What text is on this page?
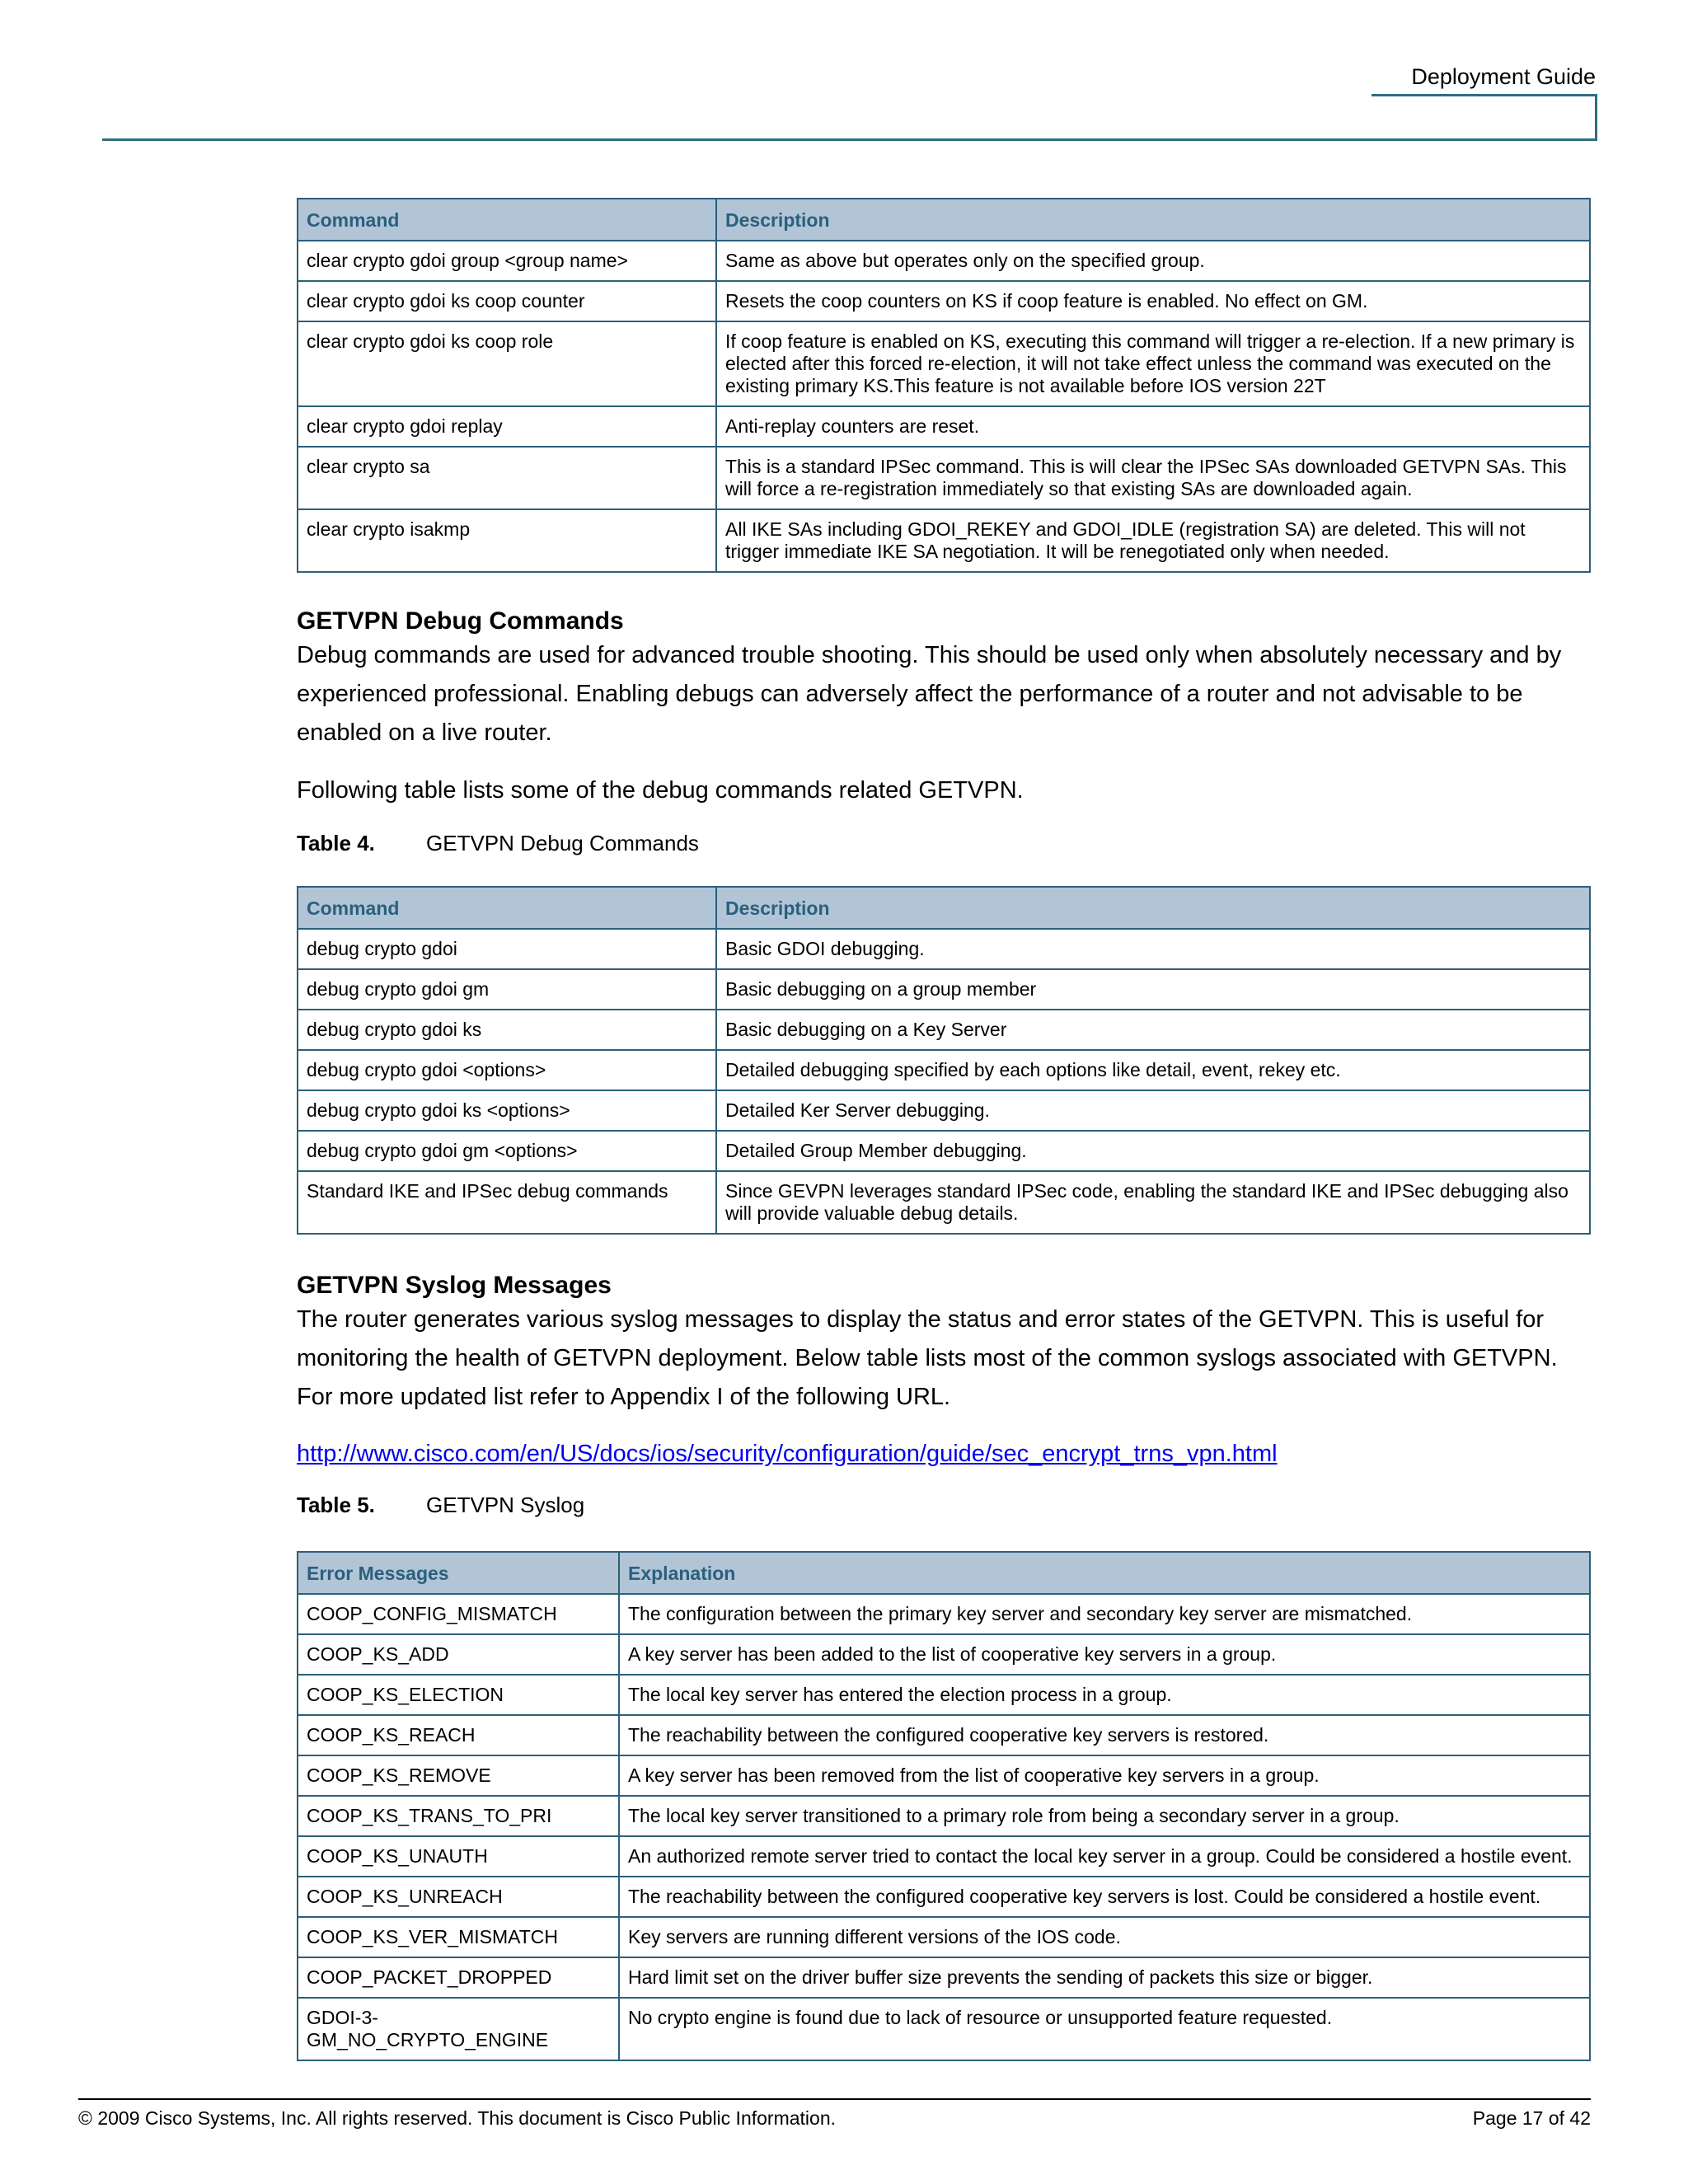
Deployment Guide
Command	Description
clear crypto gdoi group <group name>	Same as above but operates only on the specified group.
clear crypto gdoi ks coop counter	Resets the coop counters on KS if coop feature is enabled. No effect on GM.
clear crypto gdoi ks coop role	If coop feature is enabled on KS, executing this command will trigger a re-election. If a new primary is elected after this forced re-election, it will not take effect unless the command was executed on the existing primary KS.This feature is not available before IOS version 22T
clear crypto gdoi replay	Anti-replay counters are reset.
clear crypto sa	This is a standard IPSec command. This is will clear the IPSec SAs downloaded GETVPN SAs. This will force a re-registration immediately so that existing SAs are downloaded again.
clear crypto isakmp	All IKE SAs including GDOI_REKEY and GDOI_IDLE (registration SA) are deleted. This will not trigger immediate IKE SA negotiation. It will be renegotiated only when needed.
GETVPN Debug Commands

Debug commands are used for advanced trouble shooting. This should be used only when absolutely necessary and by experienced professional. Enabling debugs can adversely affect the performance of a router and not advisable to be enabled on a live router.

Following table lists some of the debug commands related GETVPN.

Table 4. GETVPN Debug Commands
Command	Description
debug crypto gdoi	Basic GDOI debugging.
debug crypto gdoi gm	Basic debugging on a group member
debug crypto gdoi ks	Basic debugging on a Key Server
debug crypto gdoi <options>	Detailed debugging specified by each options like detail, event, rekey etc.
debug crypto gdoi ks <options>	Detailed Ker Server debugging.
debug crypto gdoi gm <options>	Detailed Group Member debugging.
Standard IKE and IPSec debug commands	Since GEVPN leverages standard IPSec code, enabling the standard IKE and IPSec debugging also will provide valuable debug details.
GETVPN Syslog Messages

The router generates various syslog messages to display the status and error states of the GETVPN. This is useful for monitoring the health of GETVPN deployment. Below table lists most of the common syslogs associated with GETVPN. For more updated list refer to Appendix I of the following URL.

http://www.cisco.com/en/US/docs/ios/security/configuration/guide/sec_encrypt_trns_vpn.html
Table 5. GETVPN Syslog
Error Messages	Explanation
COOP_CONFIG_MISMATCH	The configuration between the primary key server and secondary key server are mismatched.
COOP_KS_ADD	A key server has been added to the list of cooperative key servers in a group.
COOP_KS_ELECTION	The local key server has entered the election process in a group.
COOP_KS_REACH	The reachability between the configured cooperative key servers is restored.
COOP_KS_REMOVE	A key server has been removed from the list of cooperative key servers in a group.
COOP_KS_TRANS_TO_PRI	The local key server transitioned to a primary role from being a secondary server in a group.
COOP_KS_UNAUTH	An authorized remote server tried to contact the local key server in a group. Could be considered a hostile event.
COOP_KS_UNREACH	The reachability between the configured cooperative key servers is lost. Could be considered a hostile event.
COOP_KS_VER_MISMATCH	Key servers are running different versions of the IOS code.
COOP_PACKET_DROPPED	Hard limit set on the driver buffer size prevents the sending of packets this size or bigger.
GDOI-3-GM_NO_CRYPTO_ENGINE	No crypto engine is found due to lack of resource or unsupported feature requested.
© 2009 Cisco Systems, Inc. All rights reserved. This document is Cisco Public Information.	Page 17 of 42
